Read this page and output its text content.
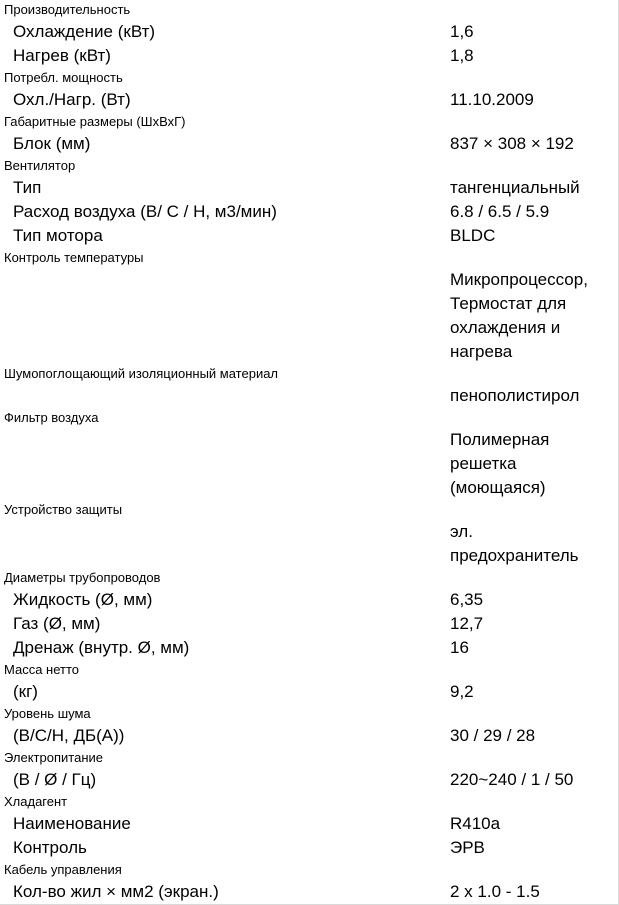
Производительность
Охлаждение (кВт)	1,6
Нагрев (кВт)	1,8
Потребл. мощность
Охл./Нагр. (Вт)	11.10.2009
Габаритные размеры (ШхВхГ)
Блок (мм)	837 × 308 × 192
Вентилятор
Тип	тангенциальный
Расход воздуха (В/ С / Н, м3/мин)	6.8 / 6.5 / 5.9
Тип мотора	BLDC
Контроль температуры
Микропроцессор,
Термостат для
охлаждения и
нагрева
Шумопоглощающий изоляционный материал
пенополистирол
Фильтр воздуха
Полимерная
решетка
(моющаяся)
Устройство защиты
эл.
предохранитель
Диаметры трубопроводов
Жидкость (Ø, мм)	6,35
Газ (Ø, мм)	12,7
Дренаж (внутр. Ø, мм)	16
Масса нетто
(кг)	9,2
Уровень шума
(В/С/Н, ДБ(А))	30 / 29 / 28
Электропитание
(В / Ø / Гц)	220~240 / 1 / 50
Хладагент
Наименование	R410a
Контроль	ЭРВ
Кабель управления
Кол-во жил × мм2 (экран.)	2 x 1.0 - 1.5
